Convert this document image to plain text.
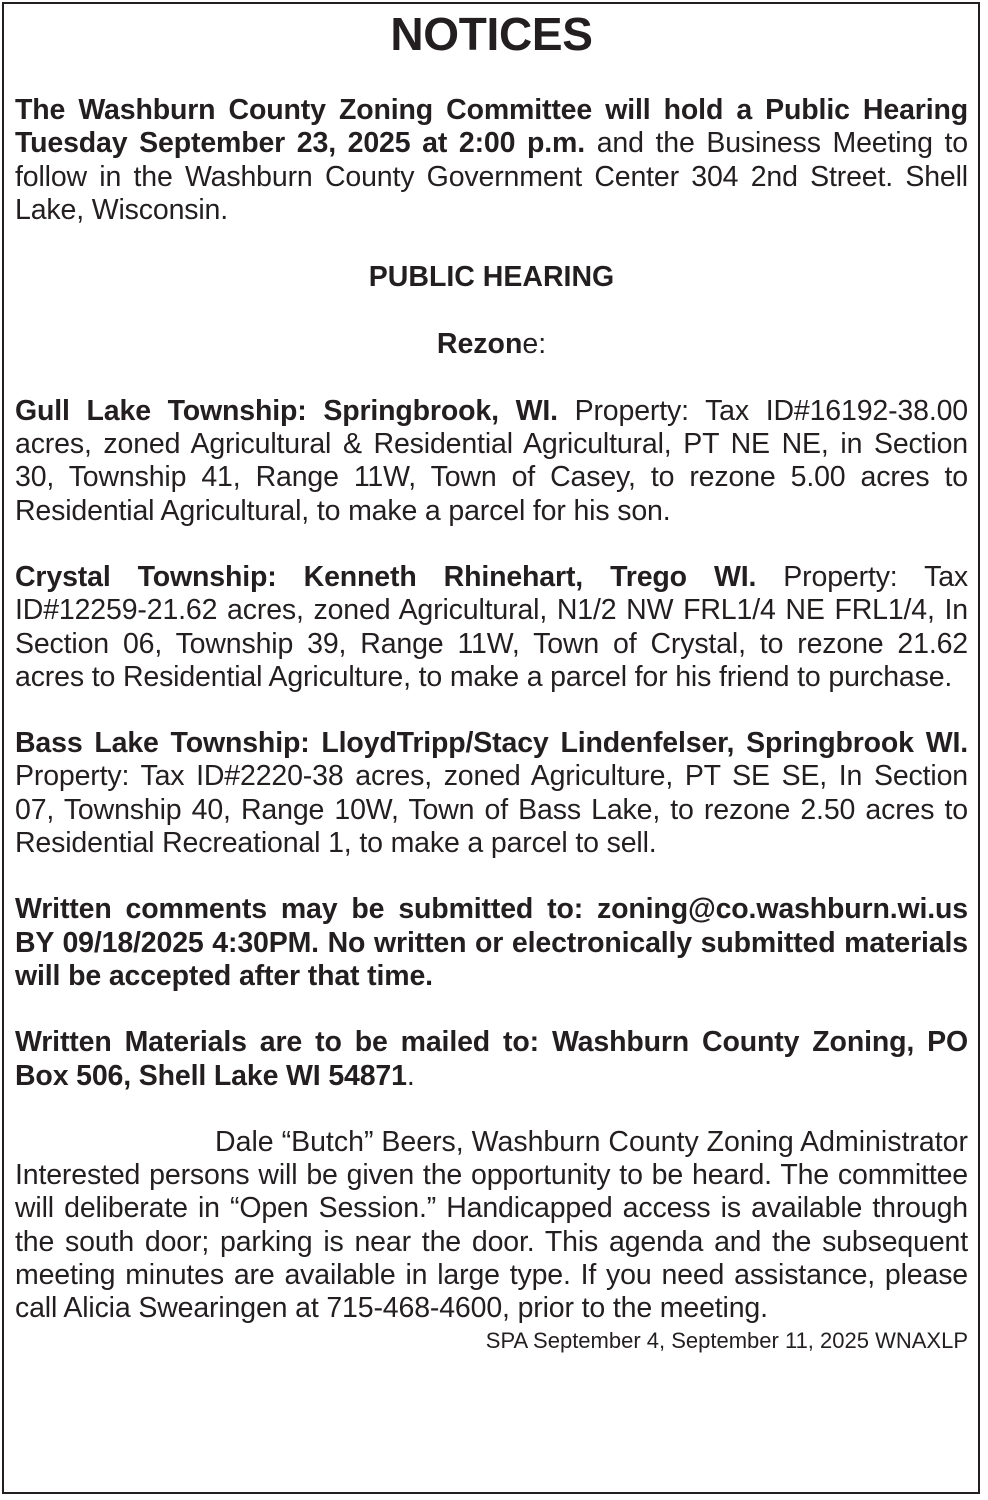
NOTICES

The Washburn County Zoning Committee will hold a Public Hearing Tuesday September 23, 2025 at 2:00 p.m. and the Business Meeting to follow in the Washburn County Government Center 304 2nd Street. Shell Lake, Wisconsin.

PUBLIC HEARING

Rezone:

Gull Lake Township: Springbrook, WI. Property: Tax ID#16192-38.00 acres, zoned Agricultural & Residential Agricultural, PT NE NE, in Section 30, Township 41, Range 11W, Town of Casey, to rezone 5.00 acres to Residential Agricultural, to make a parcel for his son.

Crystal Township: Kenneth Rhinehart, Trego WI. Property: Tax ID#12259-21.62 acres, zoned Agricultural, N1/2 NW FRL1/4 NE FRL1/4, In Section 06, Township 39, Range 11W, Town of Crystal, to rezone 21.62 acres to Residential Agriculture, to make a parcel for his friend to purchase.

Bass Lake Township: LloydTripp/Stacy Lindenfelser, Springbrook WI. Property: Tax ID#2220-38 acres, zoned Agriculture, PT SE SE, In Section 07, Township 40, Range 10W, Town of Bass Lake, to rezone 2.50 acres to Residential Recreational 1, to make a parcel to sell.

Written comments may be submitted to: zoning@co.washburn.wi.us BY 09/18/2025 4:30PM. No written or electronically submitted materials will be accepted after that time.

Written Materials are to be mailed to: Washburn County Zoning, PO Box 506, Shell Lake WI 54871.

Dale “Butch” Beers, Washburn County Zoning Administrator

Interested persons will be given the opportunity to be heard. The committee will deliberate in “Open Session.” Handicapped access is available through the south door; parking is near the door. This agenda and the subsequent meeting minutes are available in large type. If you need assistance, please call Alicia Swearingen at 715-468-4600, prior to the meeting.

SPA September 4, September 11, 2025 WNAXLP
